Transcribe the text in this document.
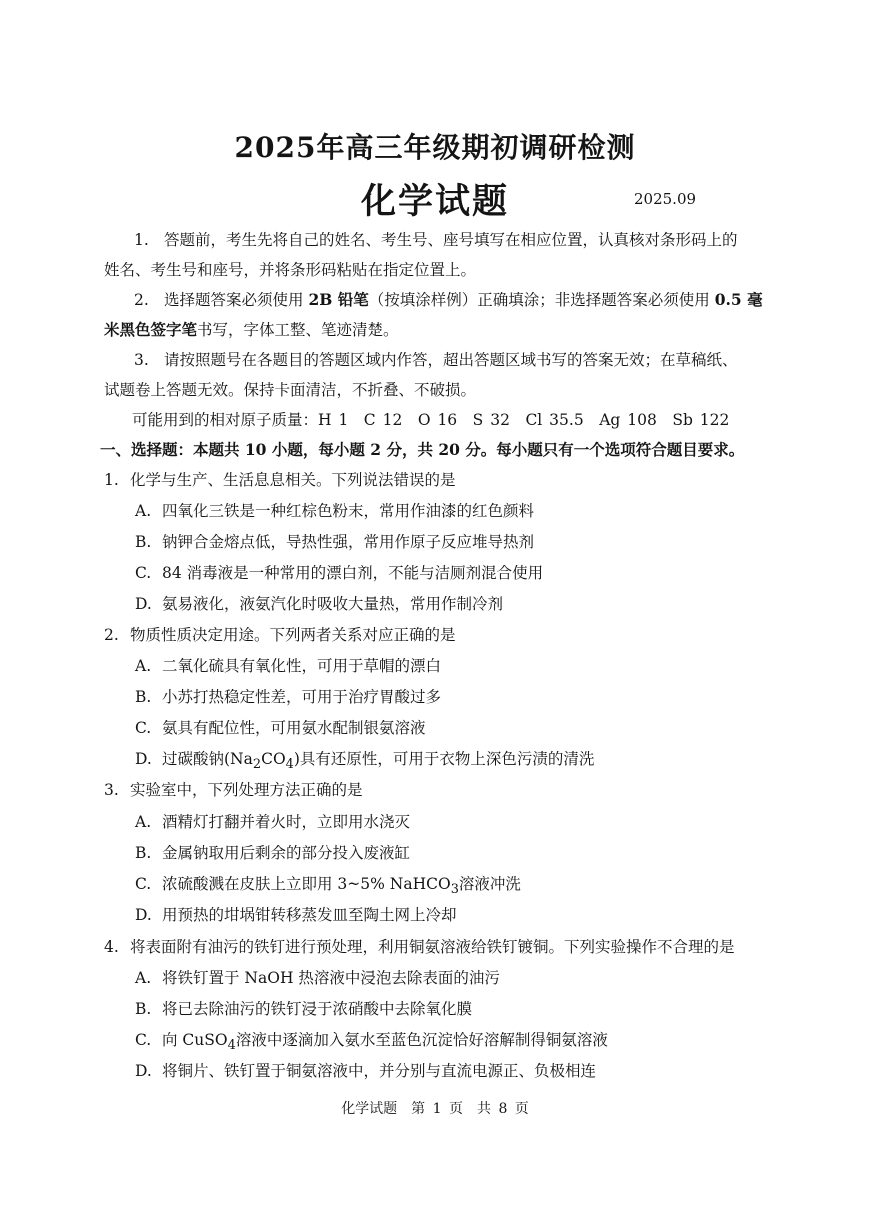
2025年高三年级期初调研检测
化学试题	2025.09
1. 答题前，考生先将自己的姓名、考生号、座号填写在相应位置，认真核对条形码上的
姓名、考生号和座号，并将条形码粘贴在指定位置上。
2. 选择题答案必须使用 2B 铅笔（按填涂样例）正确填涂；非选择题答案必须使用 0.5 毫
米黑色签字笔书写，字体工整、笔迹清楚。
3. 请按照题号在各题目的答题区域内作答，超出答题区域书写的答案无效；在草稿纸、
试题卷上答题无效。保持卡面清洁，不折叠、不破损。
可能用到的相对原子质量：H 1　C 12　O 16　S 32　Cl 35.5　Ag 108　Sb 122
一、选择题：本题共 10 小题，每小题 2 分，共 20 分。每小题只有一个选项符合题目要求。
1. 化学与生产、生活息息相关。下列说法错误的是
A. 四氧化三铁是一种红棕色粉末，常用作油漆的红色颜料
B. 钠钾合金熔点低，导热性强，常用作原子反应堆导热剂
C. 84 消毒液是一种常用的漂白剂，不能与洁厕剂混合使用
D. 氨易液化，液氨汽化时吸收大量热，常用作制冷剂
2. 物质性质决定用途。下列两者关系对应正确的是
A. 二氧化硫具有氧化性，可用于草帽的漂白
B. 小苏打热稳定性差，可用于治疗胃酸过多
C. 氨具有配位性，可用氨水配制银氨溶液
D. 过碳酸钠$(Na_2CO_4)$具有还原性，可用于衣物上深色污渍的清洗
3. 实验室中，下列处理方法正确的是
A. 酒精灯打翻并着火时，立即用水浇灭
B. 金属钠取用后剩余的部分投入废液缸
C. 浓硫酸溅在皮肤上立即用 3~5% NaHCO$_3$溶液冲洗
D. 用预热的坩埚钳转移蒸发皿至陶土网上冷却
4. 将表面附有油污的铁钉进行预处理，利用铜氨溶液给铁钉镀铜。下列实验操作不合理的是
A. 将铁钉置于 NaOH 热溶液中浸泡去除表面的油污
B. 将已去除油污的铁钉浸于浓硝酸中去除氧化膜
C. 向 CuSO$_4$溶液中逐滴加入氨水至蓝色沉淀恰好溶解制得铜氨溶液
D. 将铜片、铁钉置于铜氨溶液中，并分别与直流电源正、负极相连
化学试题　第 1 页　共 8 页
